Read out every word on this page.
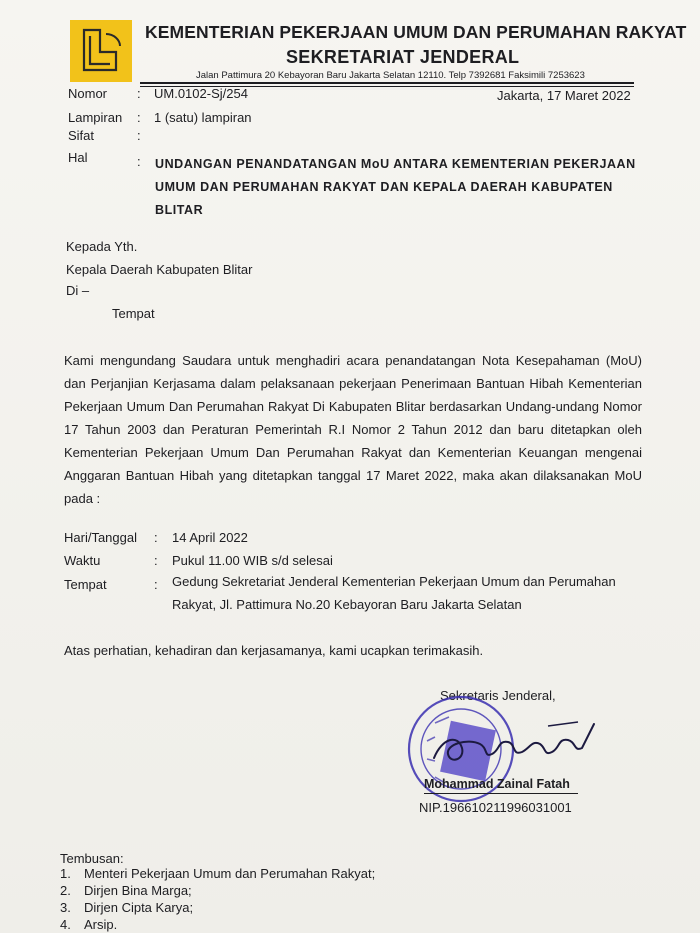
KEMENTERIAN PEKERJAAN UMUM DAN PERUMAHAN RAKYAT
SEKRETARIAT JENDERAL
Jalan Pattimura 20 Kebayoran Baru Jakarta Selatan 12110. Telp 7392681 Faksimili 7253623
Nomor : UM.0102-Sj/254	Jakarta, 17 Maret 2022
Lampiran : 1 (satu) lampiran
Sifat	:
Hal	: UNDANGAN PENANDATANGAN MoU ANTARA KEMENTERIAN PEKERJAAN UMUM DAN PERUMAHAN RAKYAT DAN KEPALA DAERAH KABUPATEN BLITAR
Kepada Yth.
Kepala Daerah Kabupaten Blitar
Di –
Tempat
Kami mengundang Saudara untuk menghadiri acara penandatangan Nota Kesepahaman (MoU) dan Perjanjian Kerjasama dalam pelaksanaan pekerjaan Penerimaan Bantuan Hibah Kementerian Pekerjaan Umum Dan Perumahan Rakyat Di Kabupaten Blitar berdasarkan Undang-undang Nomor 17 Tahun 2003 dan Peraturan Pemerintah R.I Nomor 2 Tahun 2012 dan baru ditetapkan oleh Kementerian Pekerjaan Umum Dan Perumahan Rakyat dan Kementerian Keuangan mengenai Anggaran Bantuan Hibah yang ditetapkan tanggal 17 Maret 2022, maka akan dilaksanakan MoU pada :
Hari/Tanggal : 14 April 2022
Waktu	: Pukul 11.00 WIB s/d selesai
Tempat	: Gedung Sekretariat Jenderal Kementerian Pekerjaan Umum dan Perumahan
Rakyat, Jl. Pattimura No.20 Kebayoran Baru Jakarta Selatan
Atas perhatian, kehadiran dan kerjasamanya, kami ucapkan terimakasih.
Sekretaris Jenderal,
Mohammad Zainal Fatah
NIP.196610211996031001
Tembusan:
1. Menteri Pekerjaan Umum dan Perumahan Rakyat;
2. Dirjen Bina Marga;
3. Dirjen Cipta Karya;
4. Arsip.
